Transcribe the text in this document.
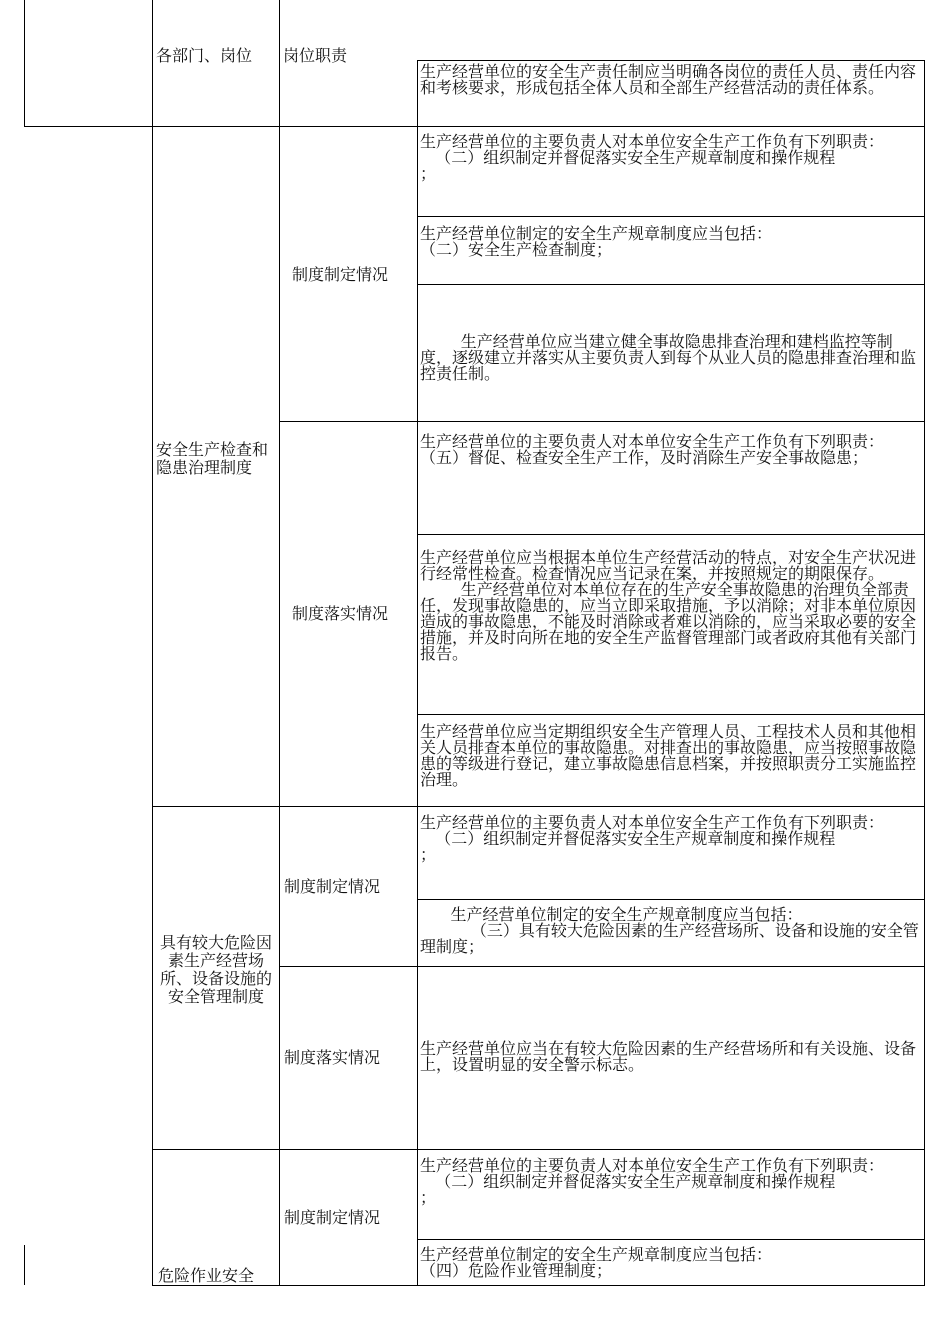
各部门、岗位
安全生产检查和隐患治理制度
具有较大危险因素生产经营场所、设备设施的安全管理制度
危险作业安全
岗位职责
制度制定情况
制度落实情况
制度制定情况
制度落实情况
制度制定情况
生产经营单位的安全生产责任制应当明确各岗位的责任人员、责任内容和考核要求，形成包括全体人员和全部生产经营活动的责任体系。
生产经营单位的主要负责人对本单位安全生产工作负有下列职责：
（二）组织制定并督促落实安全生产规章制度和操作规程
；
生产经营单位制定的安全生产规章制度应当包括：
（二）安全生产检查制度；
生产经营单位应当建立健全事故隐患排查治理和建档监控等制度，逐级建立并落实从主要负责人到每个从业人员的隐患排查治理和监控责任制。
生产经营单位的主要负责人对本单位安全生产工作负有下列职责：
（五）督促、检查安全生产工作，及时消除生产安全事故隐患；
生产经营单位应当根据本单位生产经营活动的特点，对安全生产状况进行经常性检查。检查情况应当记录在案，并按照规定的期限保存。
生产经营单位对本单位存在的生产安全事故隐患的治理负全部责任，发现事故隐患的，应当立即采取措施，予以消除；对非本单位原因造成的事故隐患，不能及时消除或者难以消除的，应当采取必要的安全措施，并及时向所在地的安全生产监督管理部门或者政府其他有关部门报告。
生产经营单位应当定期组织安全生产管理人员、工程技术人员和其他相关人员排查本单位的事故隐患。对排查出的事故隐患，应当按照事故隐患的等级进行登记，建立事故隐患信息档案，并按照职责分工实施监控治理。
生产经营单位的主要负责人对本单位安全生产工作负有下列职责：
（二）组织制定并督促落实安全生产规章制度和操作规程
；
生产经营单位制定的安全生产规章制度应当包括：
（三）具有较大危险因素的生产经营场所、设备和设施的安全管理制度；
生产经营单位应当在有较大危险因素的生产经营场所和有关设施、设备上，设置明显的安全警示标志。
生产经营单位的主要负责人对本单位安全生产工作负有下列职责：
（二）组织制定并督促落实安全生产规章制度和操作规程
；
生产经营单位制定的安全生产规章制度应当包括：
（四）危险作业管理制度；
